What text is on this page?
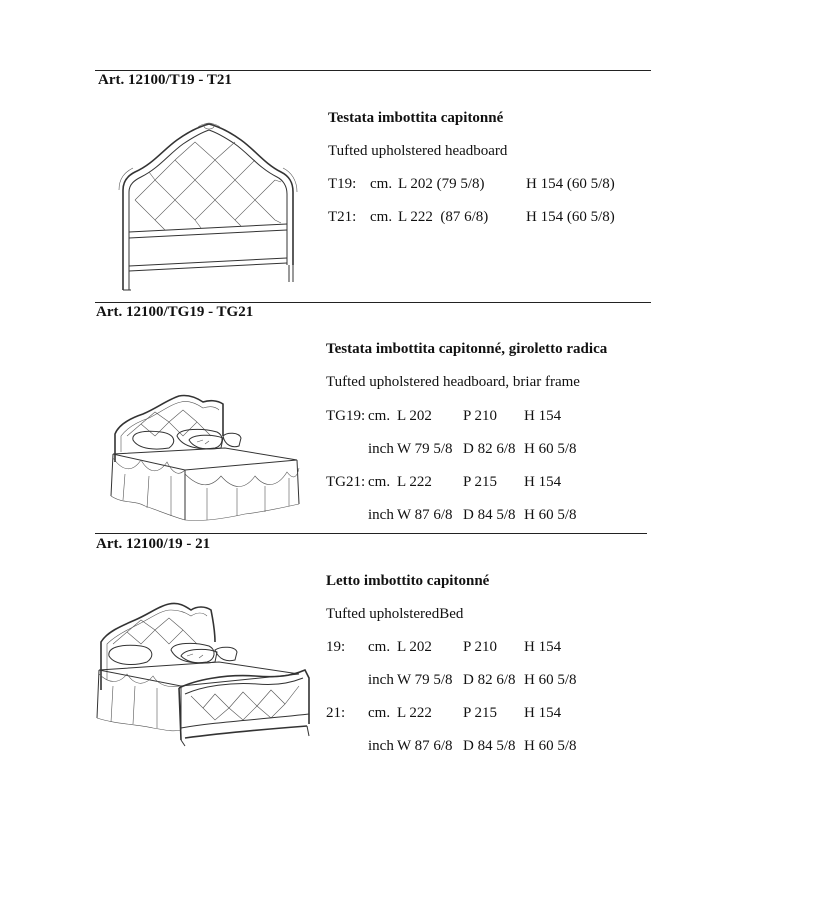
Art. 12100/T19 - T21
Testata imbottita capitonné
Tufted upholstered headboard
T19: cm. L 202 (79 5/8)	H 154 (60 5/8)
T21: cm. L 222  (87 6/8)	H 154 (60 5/8)
Art. 12100/TG19 - TG21
Testata imbottita capitonné, giroletto radica
Tufted upholstered headboard, briar frame
TG19: cm. L 202 P 210 H 154
inch W 79 5/8 D 82 6/8 H 60 5/8
TG21: cm. L 222 P 215 H 154
inch W 87 6/8 D 84 5/8 H 60 5/8
Art. 12100/19 - 21
Letto imbottito capitonné
Tufted upholsteredBed
19: cm. L 202 P 210 H 154
inch W 79 5/8 D 82 6/8 H 60 5/8
21: cm. L 222 P 215 H 154
inch W 87 6/8 D 84 5/8 H 60 5/8
